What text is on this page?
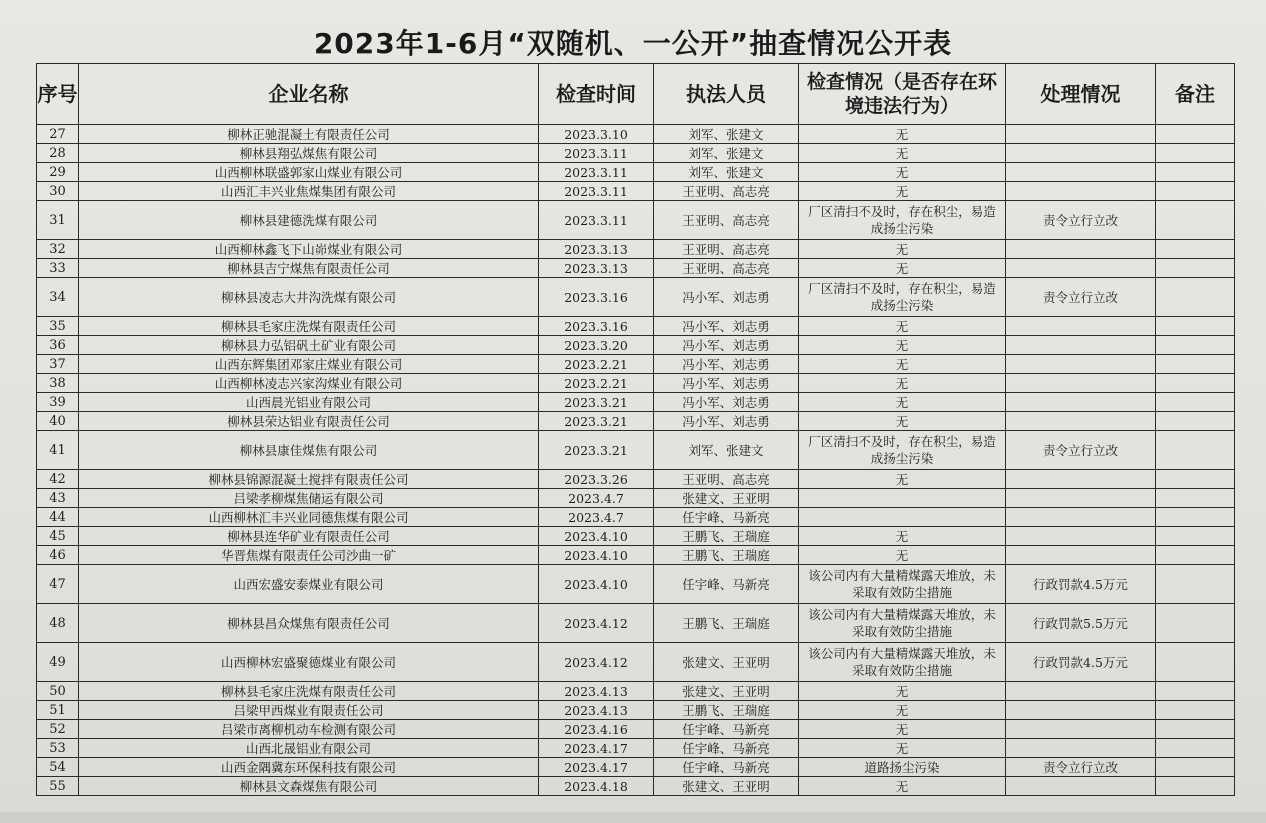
2023年1-6月“双随机、一公开”抽查情况公开表
序号	企业名称	检查时间	执法人员	检查情况（是否存在环境违法行为）	处理情况	备注
27	柳林正驰混凝土有限责任公司	2023.3.10	刘军、张建文	无		
28	柳林县翔弘煤焦有限公司	2023.3.11	刘军、张建文	无		
29	山西柳林联盛郭家山煤业有限公司	2023.3.11	刘军、张建文	无		
30	山西汇丰兴业焦煤集团有限公司	2023.3.11	王亚明、高志亮	无		
31	柳林县建德洗煤有限公司	2023.3.11	王亚明、高志亮	厂区清扫不及时，存在积尘，易造成扬尘污染	责令立行立改	
32	山西柳林鑫飞下山峁煤业有限公司	2023.3.13	王亚明、高志亮	无		
33	柳林县吉宁煤焦有限责任公司	2023.3.13	王亚明、高志亮	无		
34	柳林县凌志大井沟洗煤有限公司	2023.3.16	冯小军、刘志勇	厂区清扫不及时，存在积尘，易造成扬尘污染	责令立行立改	
35	柳林县毛家庄洗煤有限责任公司	2023.3.16	冯小军、刘志勇	无		
36	柳林县力弘铝矾土矿业有限公司	2023.3.20	冯小军、刘志勇	无		
37	山西东辉集团邓家庄煤业有限公司	2023.2.21	冯小军、刘志勇	无		
38	山西柳林凌志兴家沟煤业有限公司	2023.2.21	冯小军、刘志勇	无		
39	山西晨光铝业有限公司	2023.3.21	冯小军、刘志勇	无		
40	柳林县荣达铝业有限责任公司	2023.3.21	冯小军、刘志勇	无		
41	柳林县康佳煤焦有限公司	2023.3.21	刘军、张建文	厂区清扫不及时，存在积尘，易造成扬尘污染	责令立行立改	
42	柳林县锦源混凝土搅拌有限责任公司	2023.3.26	王亚明、高志亮	无		
43	吕梁孝柳煤焦储运有限公司	2023.4.7	张建文、王亚明			
44	山西柳林汇丰兴业同德焦煤有限公司	2023.4.7	任宇峰、马新亮			
45	柳林县连华矿业有限责任公司	2023.4.10	王鹏飞、王瑞庭	无		
46	华晋焦煤有限责任公司沙曲一矿	2023.4.10	王鹏飞、王瑞庭	无		
47	山西宏盛安泰煤业有限公司	2023.4.10	任宇峰、马新亮	该公司内有大量精煤露天堆放，未采取有效防尘措施	行政罚款4.5万元	
48	柳林县昌众煤焦有限责任公司	2023.4.12	王鹏飞、王瑞庭	该公司内有大量精煤露天堆放，未采取有效防尘措施	行政罚款5.5万元	
49	山西柳林宏盛聚德煤业有限公司	2023.4.12	张建文、王亚明	该公司内有大量精煤露天堆放，未采取有效防尘措施	行政罚款4.5万元	
50	柳林县毛家庄洗煤有限责任公司	2023.4.13	张建文、王亚明	无		
51	吕梁甲西煤业有限责任公司	2023.4.13	王鹏飞、王瑞庭	无		
52	吕梁市离柳机动车检测有限公司	2023.4.16	任宇峰、马新亮	无		
53	山西北晟铝业有限公司	2023.4.17	任宇峰、马新亮	无		
54	山西金隅冀东环保科技有限公司	2023.4.17	任宇峰、马新亮	道路扬尘污染	责令立行立改	
55	柳林县文森煤焦有限公司	2023.4.18	张建文、王亚明	无		
